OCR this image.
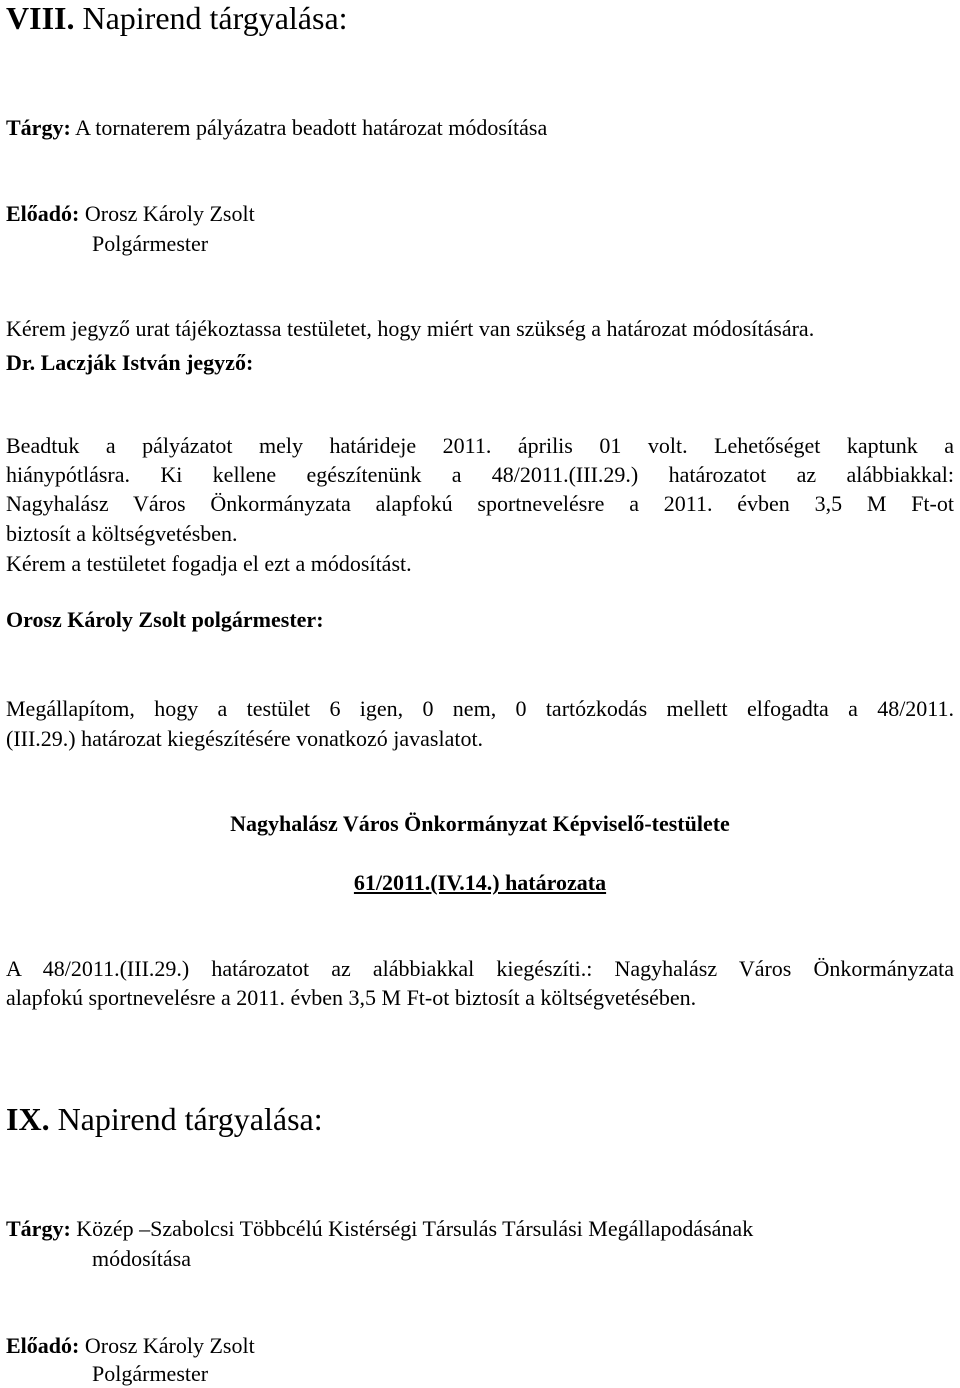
VIII. Napirend tárgyalása:
Tárgy: A tornaterem pályázatra beadott határozat módosítása
Előadó: Orosz Károly Zsolt
Polgármester
Kérem jegyző urat tájékoztassa testületet, hogy miért van szükség a határozat módosítására.
Dr. Laczják István jegyző:
Beadtuk a pályázatot mely határideje 2011. április 01 volt. Lehetőséget kaptunk a
hiánypótlásra. Ki kellene egészítenünk a 48/2011.(III.29.) határozatot az alábbiakkal:
Nagyhalász Város Önkormányzata alapfokú sportnevelésre a 2011. évben 3,5 M Ft-ot
biztosít a költségvetésben.
Kérem a testületet fogadja el ezt a módosítást.
Orosz Károly Zsolt polgármester:
Megállapítom, hogy a testület 6 igen, 0 nem, 0 tartózkodás mellett elfogadta a 48/2011.
(III.29.) határozat kiegészítésére vonatkozó javaslatot.
Nagyhalász Város Önkormányzat Képviselő-testülete
61/2011.(IV.14.) határozata
A 48/2011.(III.29.) határozatot az alábbiakkal kiegészíti.: Nagyhalász Város Önkormányzata
alapfokú sportnevelésre a 2011. évben 3,5 M Ft-ot biztosít a költségvetésében.
IX. Napirend tárgyalása:
Tárgy: Közép –Szabolcsi Többcélú Kistérségi Társulás Társulási Megállapodásának
módosítása
Előadó: Orosz Károly Zsolt
Polgármester
